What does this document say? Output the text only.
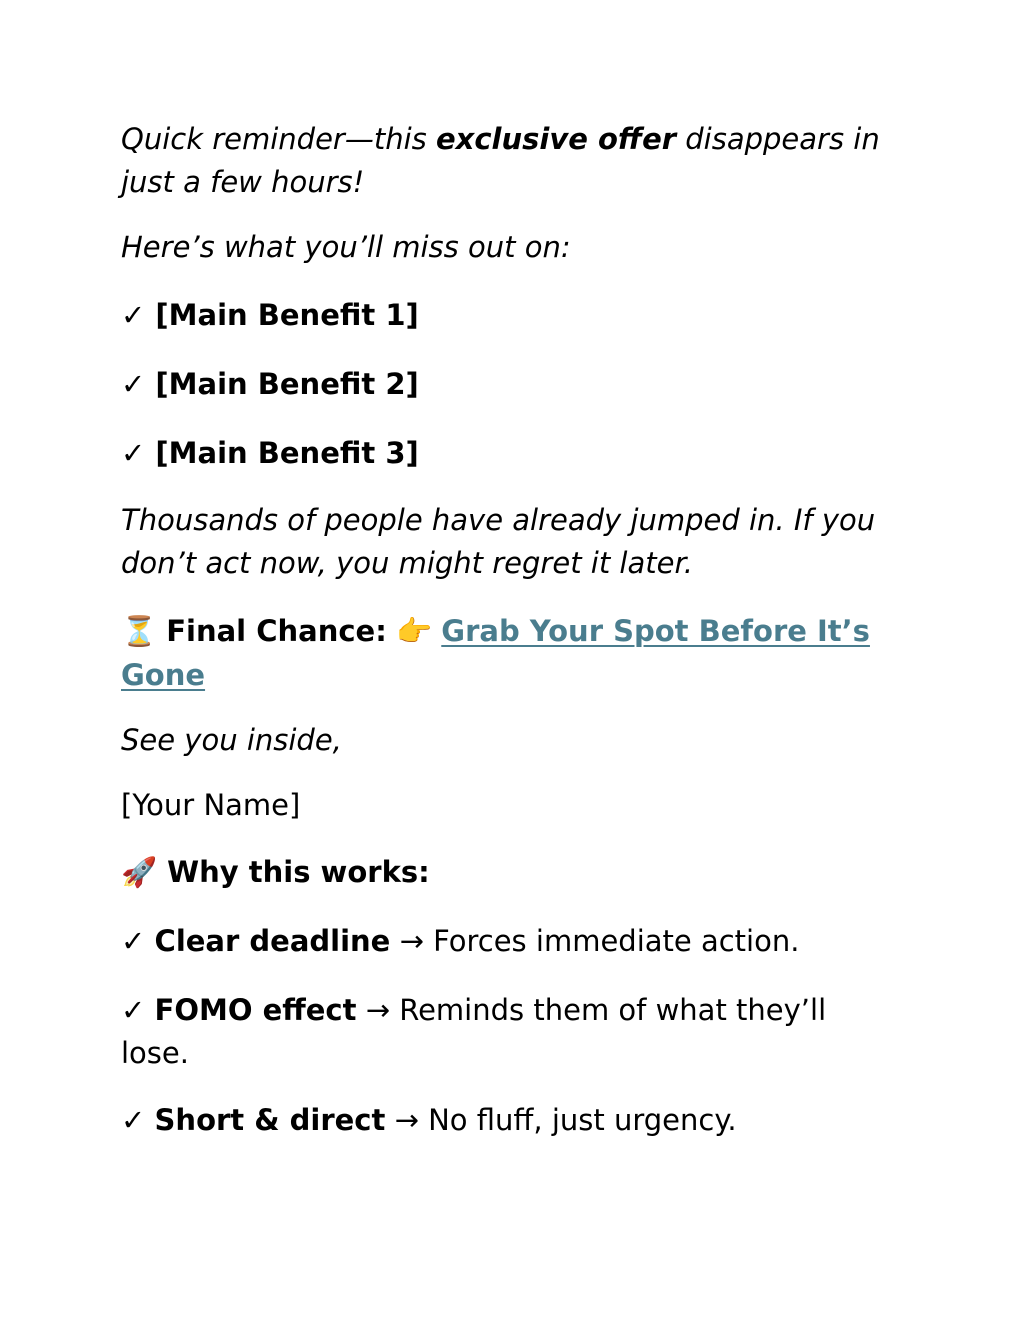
Quick reminder—this exclusive offer disappears in just a few hours!

Here’s what you’ll miss out on:

✓ [Main Benefit 1]

✓ [Main Benefit 2]

✓ [Main Benefit 3]

Thousands of people have already jumped in. If you don’t act now, you might regret it later.

⏳ Final Chance: 👉 Grab Your Spot Before It’s Gone

See you inside,

[Your Name]

🚀 Why this works:

✓ Clear deadline → Forces immediate action.

✓ FOMO effect → Reminds them of what they’ll lose.

✓ Short & direct → No fluff, just urgency.
